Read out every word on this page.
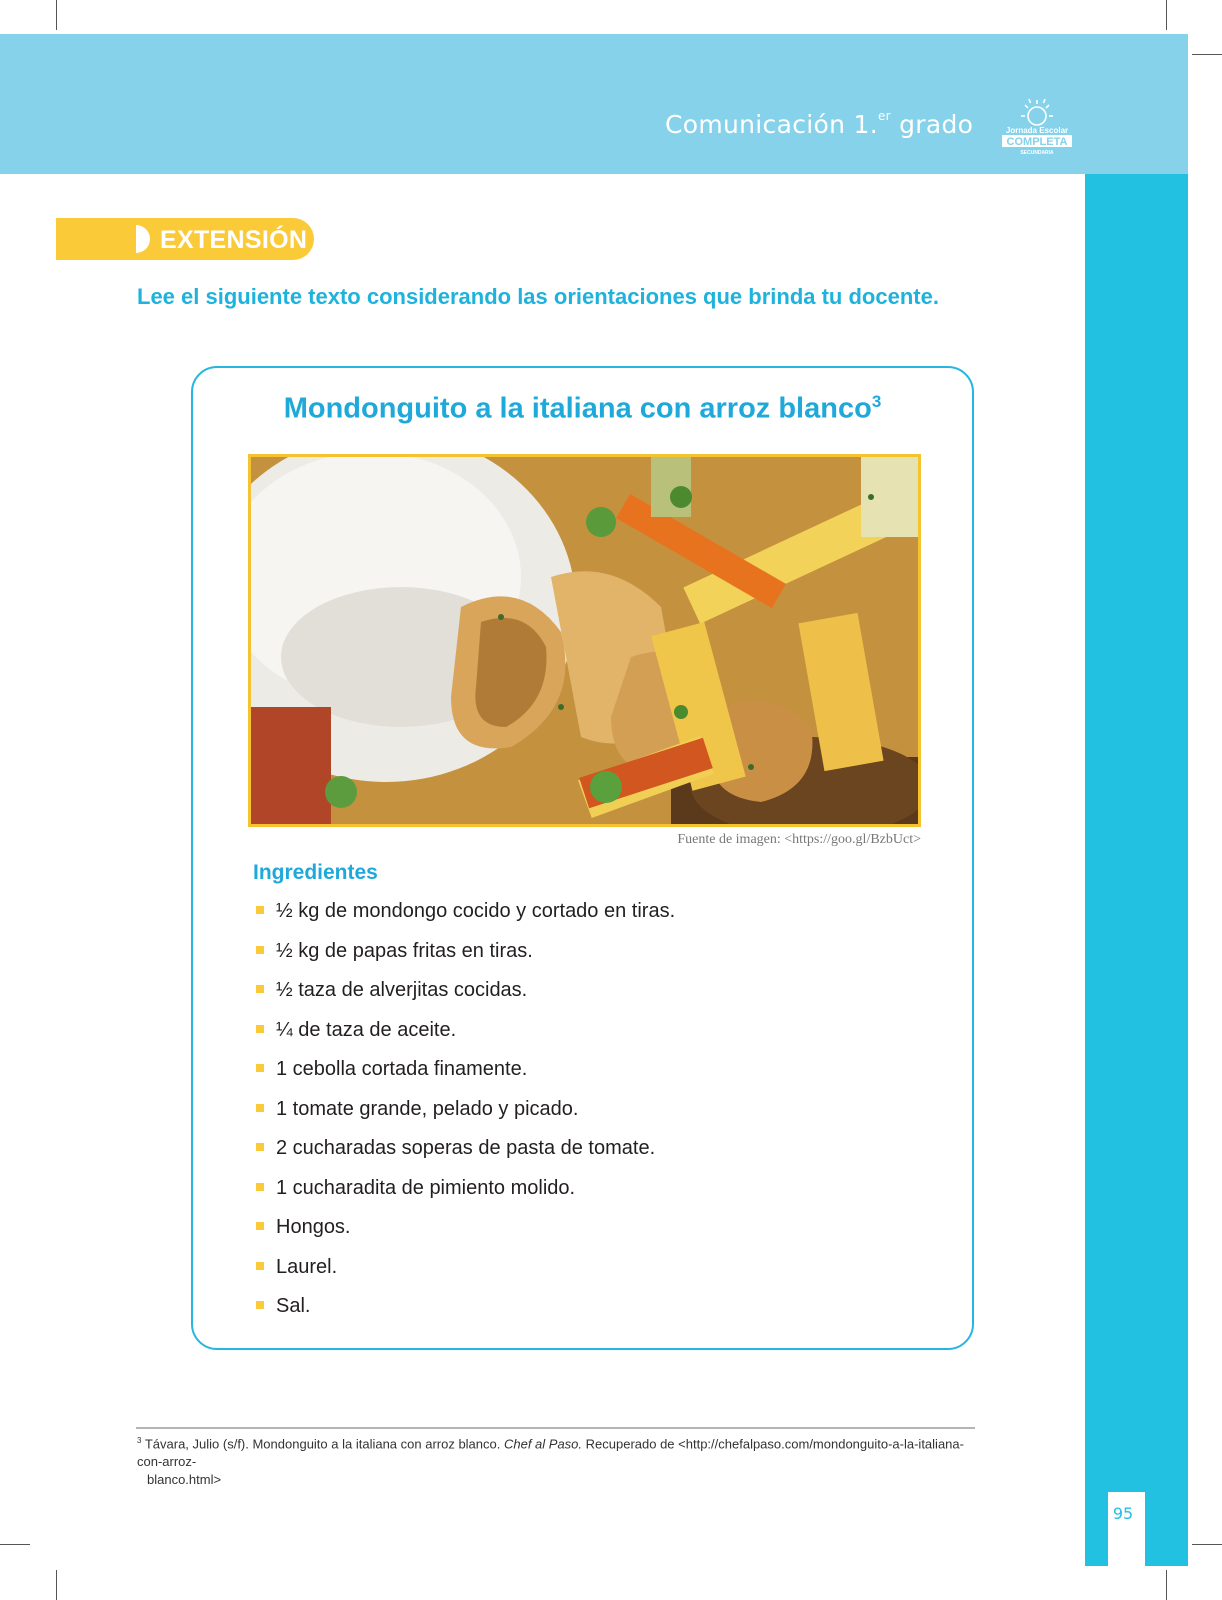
Comunicación 1.$^{er}$ grado	Jornada Escolar
COMPLETA
SECUNDARIA
95
EXTENSIÓN
Lee el siguiente texto considerando las orientaciones que brinda tu docente.
Mondonguito a la italiana con arroz blanco$^3$
Fuente de imagen: <https://goo.gl/BzbUct>
Ingredientes
½ kg de mondongo cocido y cortado en tiras.
½ kg de papas fritas en tiras.
½ taza de alverjitas cocidas.
¼ de taza de aceite.
1 cebolla cortada finamente.
1 tomate grande, pelado y picado.
2 cucharadas soperas de pasta de tomate.
1 cucharadita de pimiento molido.
Hongos.
Laurel.
Sal.
$^3$ Távara, Julio (s/f). Mondonguito a la italiana con arroz blanco. Chef al Paso. Recuperado de <http://chefalpaso.com/mondonguito-a-la-italiana-con-arroz-
blanco.html>
